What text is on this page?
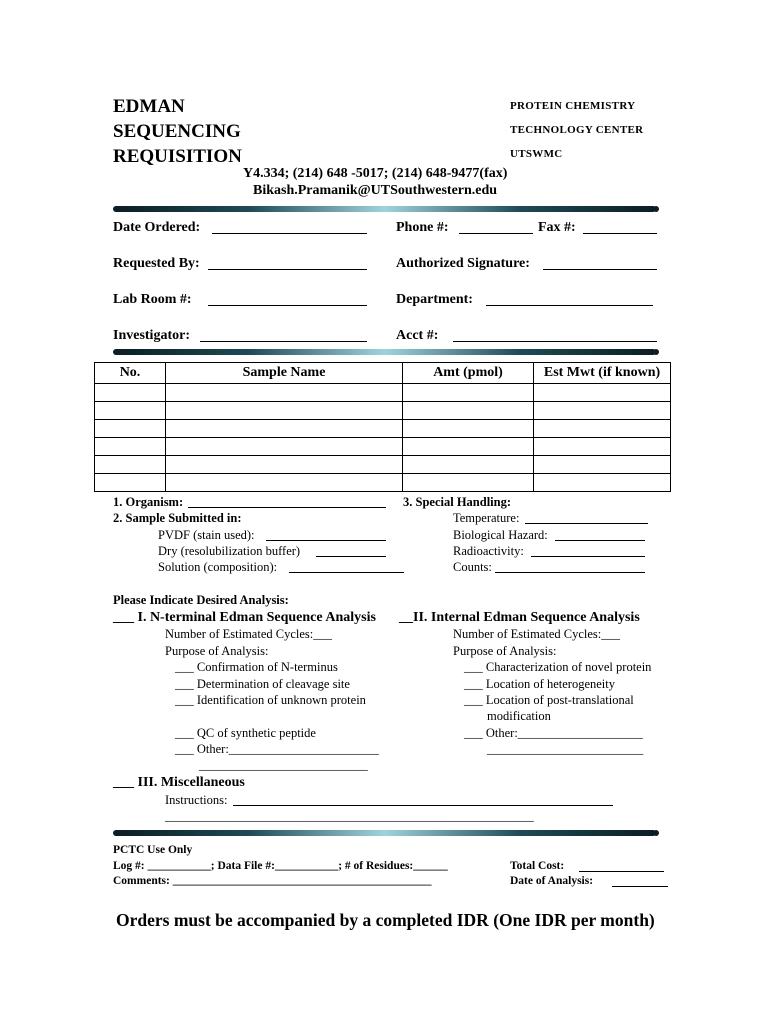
EDMAN
SEQUENCING
REQUISITION
PROTEIN CHEMISTRY
TECHNOLOGY CENTER
UTSWMC
Y4.334; (214) 648 -5017; (214) 648-9477(fax)
Bikash.Pramanik@UTSouthwestern.edu
Date Ordered:	Phone #:	Fax #:
Requested By:	Authorized Signature:
Lab Room #:	Department:
Investigator:	Acct #:
No.	Sample Name	Amt (pmol)	Est Mwt (if known)

1. Organism:
2. Sample Submitted in:
PVDF (stain used):
Dry (resolubilization buffer)
Solution (composition):
3. Special Handling:
Temperature:
Biological Hazard:
Radioactivity:
Counts:
Please Indicate Desired Analysis:
___ I. N-terminal Edman Sequence Analysis __II. Internal Edman Sequence Analysis
Number of Estimated Cycles:___
Purpose of Analysis:
___ Confirmation of N-terminus
___ Determination of cleavage site
___ Identification of unknown protein
___ QC of synthetic peptide
___ Other:________________________
___________________________
Number of Estimated Cycles:___
Purpose of Analysis:
___ Characterization of novel protein
___ Location of heterogeneity
___ Location of post-translational
modification
___ Other:____________________
_________________________
___ III. Miscellaneous
Instructions:
___________________________________________________________
PCTC Use Only
Log #: ___________; Data File #:___________; # of Residues:______	Total Cost:
Comments: _____________________________________________	Date of Analysis:
Orders must be accompanied by a completed IDR (One IDR per month)
